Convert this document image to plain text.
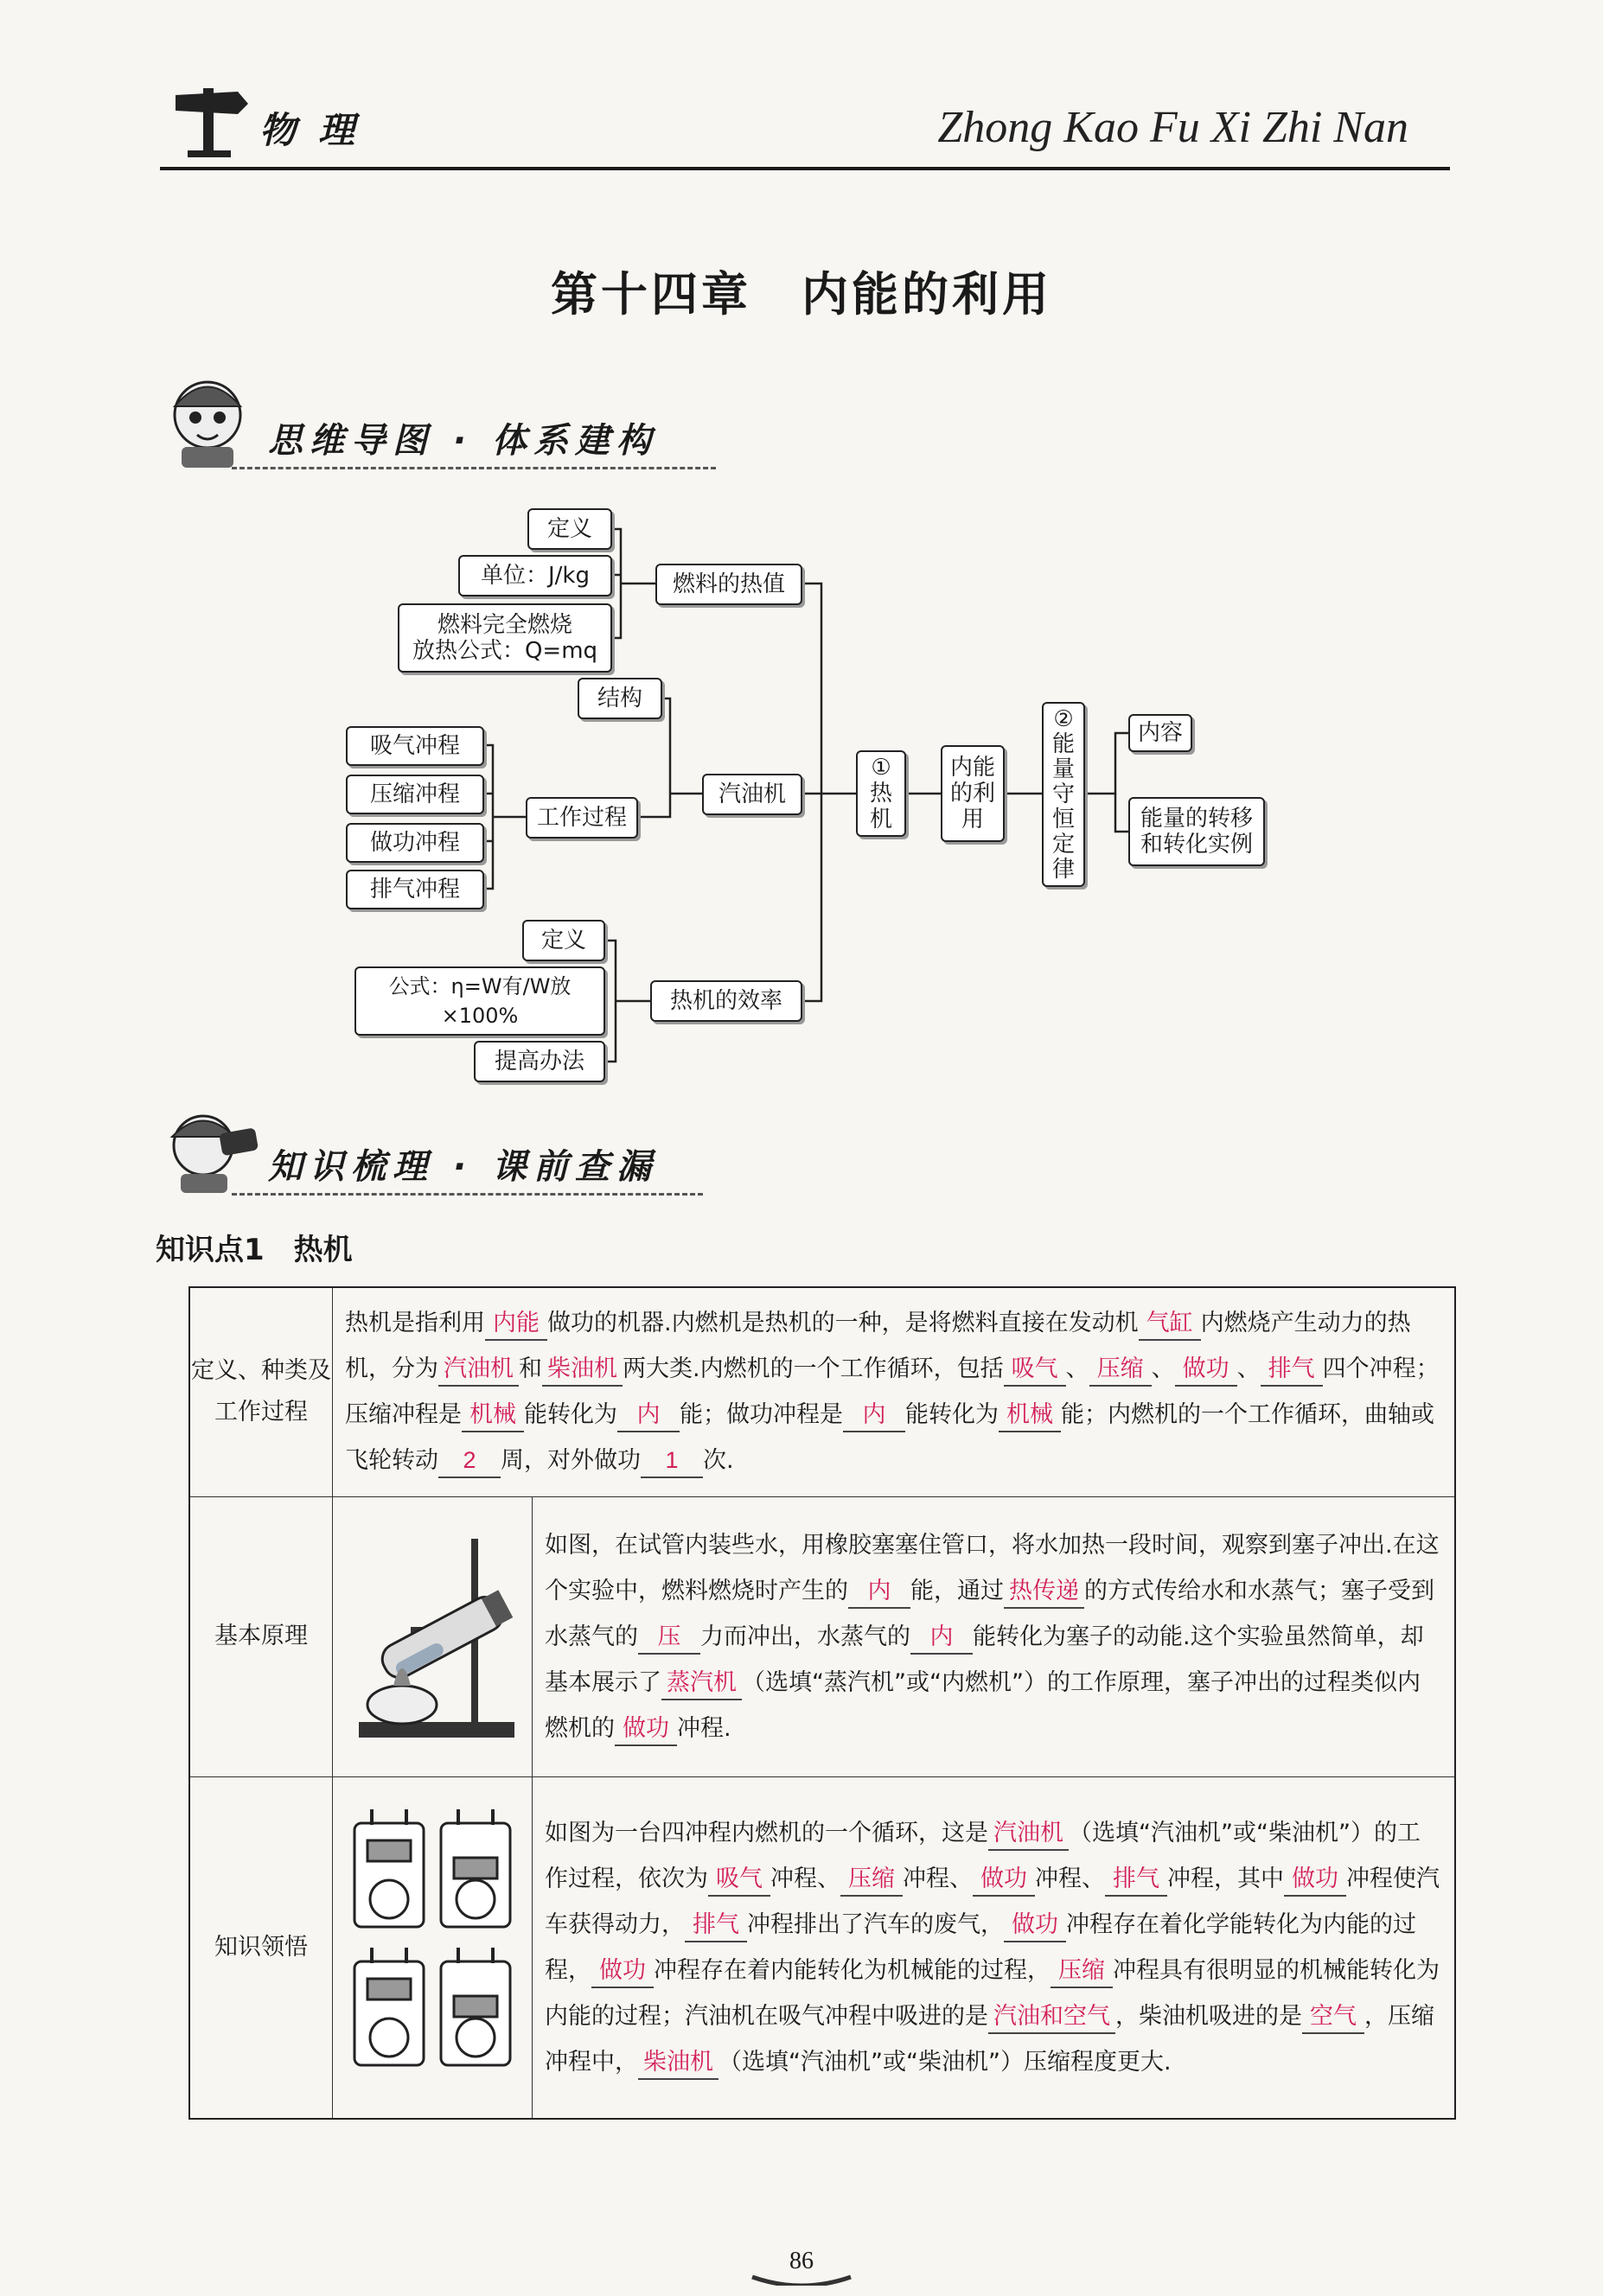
物理	Zhong Kao Fu Xi Zhi Nan
第十四章　内能的利用
思维导图 · 体系建构
定义
单位：J/kg
燃料完全燃烧
放热公式：Q=mq
燃料的热值
结构
吸气冲程
压缩冲程
做功冲程
排气冲程
工作过程
汽油机
①
热
机
内能
的利
用
②
能
量
守
恒
定
律
内容
能量的转移
和转化实例
定义
公式：η=W有/W放×100%
热机的效率
提高办法
知识梳理 · 课前查漏
知识点1　热机
定义、种类及工作过程	热机是指利用 内能 做功的机器.内燃机是热机的一种，是将燃料直接在发动机 气缸 内燃烧产生动力的热机，分为 汽油机 和 柴油机 两大类.内燃机的一个工作循环，包括 吸气 、 压缩 、 做功 、 排气 四个冲程；压缩冲程是 机械 能转化为 内 能；做功冲程是 内 能转化为 机械 能；内燃机的一个工作循环，曲轴或飞轮转动 2 周，对外做功 1 次.	
基本原理		如图，在试管内装些水，用橡胶塞塞住管口，将水加热一段时间，观察到塞子冲出.在这个实验中，燃料燃烧时产生的 内 能，通过 热传递 的方式传给水和水蒸气；塞子受到水蒸气的 压 力而冲出，水蒸气的 内 能转化为塞子的动能.这个实验虽然简单，却基本展示了 蒸汽机 （选填“蒸汽机”或“内燃机”）的工作原理，塞子冲出的过程类似内燃机的 做功 冲程.
知识领悟		如图为一台四冲程内燃机的一个循环，这是 汽油机 （选填“汽油机”或“柴油机”）的工作过程，依次为 吸气 冲程、 压缩 冲程、 做功 冲程、 排气 冲程，其中 做功 冲程使汽车获得动力， 排气 冲程排出了汽车的废气， 做功 冲程存在着化学能转化为内能的过程， 做功 冲程存在着内能转化为机械能的过程， 压缩 冲程具有很明显的机械能转化为内能的过程；汽油机在吸气冲程中吸进的是 汽油和空气 ，柴油机吸进的是 空气 ，压缩冲程中， 柴油机 （选填“汽油机”或“柴油机”）压缩程度更大.
86
